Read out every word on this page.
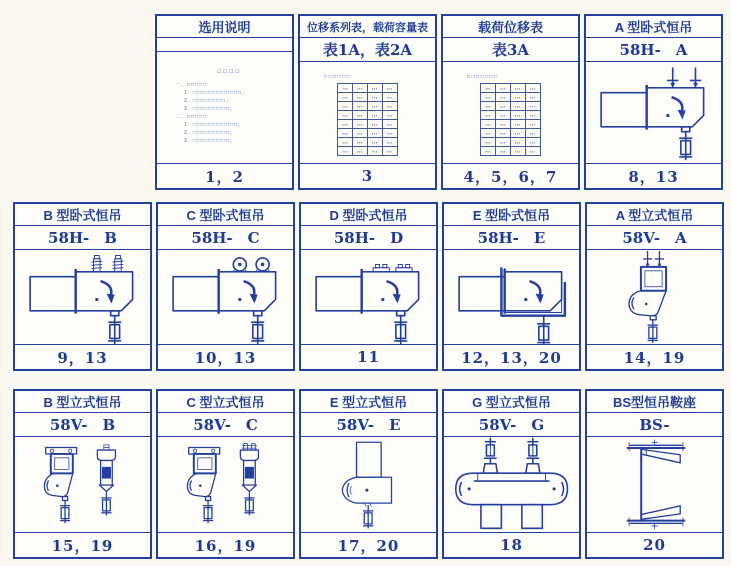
选用说明
□□□□
一、□□□□□
1．□□□□□□□□□□□□；
2．□□□□□□□□；
3．□□□□□□□□□；
二、□□□□□
1．□□□□□□□□□□□；
2．□□□□□□□□□；
3．□□□□□□□□□；
1，2
位移系列表，载荷容量表
表1A，表2A
□□□□□□
▪▪▪	▪▪▪	▪▪▪	▪▪▪
▪▪▪	▪▪▪	▪▪▪	▪▪▪
▪▪▪	▪▪▪	▪▪▪	▪▪▪
▪▪▪	▪▪▪	▪▪▪	▪▪▪
▪▪▪	▪▪▪	▪▪▪	▪▪▪
▪▪▪	▪▪▪	▪▪▪	▪▪▪
▪▪▪	▪▪▪	▪▪▪	▪▪▪
▪▪▪	▪▪▪	▪▪▪	▪▪▪
3
载荷位移表
表3A
□□□□□□□
▪▪▪	▪▪▪	▪▪▪	▪▪▪
▪▪▪	▪▪▪	▪▪▪	▪▪▪
▪▪▪	▪▪▪	▪▪▪	▪▪▪
▪▪▪	▪▪▪	▪▪▪	▪▪▪
▪▪▪	▪▪▪	▪▪▪	▪▪▪
▪▪▪	▪▪▪	▪▪▪	▪▪▪
▪▪▪	▪▪▪	▪▪▪	▪▪▪
▪▪▪	▪▪▪	▪▪▪	▪▪▪
4，5，6，7
A 型卧式恒吊
58H-　A
8，13
B 型卧式恒吊
58H-　B
9，13
C 型卧式恒吊
58H-　C
10，13
D 型卧式恒吊
58H-　D
11
E 型卧式恒吊
58H-　E
12，13，20
A 型立式恒吊
58V-　A
14，19
B 型立式恒吊
58V-　B
15，19
C 型立式恒吊
58V-　C
16，19
E 型立式恒吊
58V-　E
17，20
G 型立式恒吊
58V-　G
18
BS型恒吊鞍座
BS-
20
